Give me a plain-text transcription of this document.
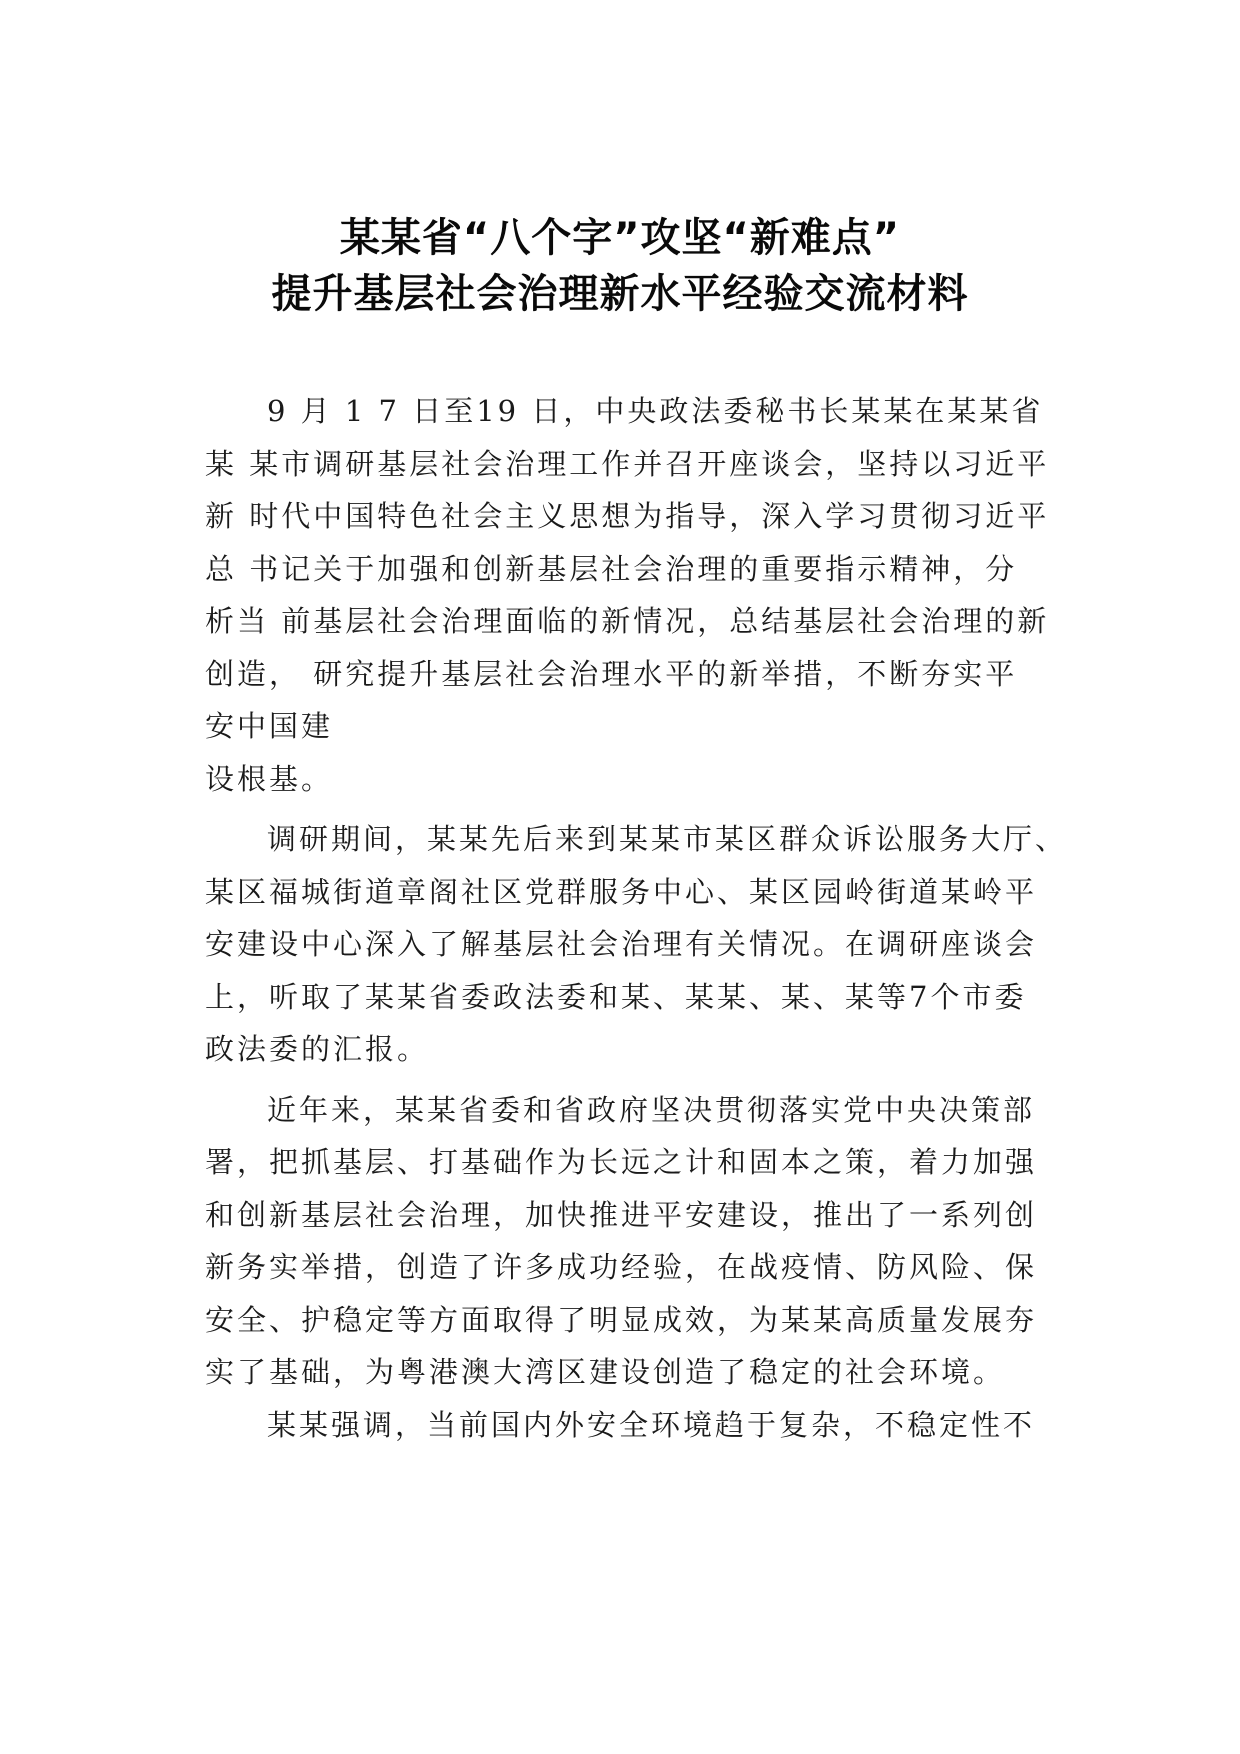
某某省“八个字”攻坚“新难点”
提升基层社会治理新水平经验交流材料
9 月 1 7 日至19 日，中央政法委秘书长某某在某某省
某 某市调研基层社会治理工作并召开座谈会，坚持以习近平
新 时代中国特色社会主义思想为指导，深入学习贯彻习近平
总 书记关于加强和创新基层社会治理的重要指示精神，分
析当 前基层社会治理面临的新情况，总结基层社会治理的新
创造， 研究提升基层社会治理水平的新举措，不断夯实平
安中国建
设根基。
调研期间，某某先后来到某某市某区群众诉讼服务大厅、
某区福城街道章阁社区党群服务中心、某区园岭街道某岭平
安建设中心深入了解基层社会治理有关情况。在调研座谈会
上，听取了某某省委政法委和某、某某、某、某等7个市委
政法委的汇报。
近年来，某某省委和省政府坚决贯彻落实党中央决策部
署，把抓基层、打基础作为长远之计和固本之策，着力加强
和创新基层社会治理，加快推进平安建设，推出了一系列创
新务实举措，创造了许多成功经验，在战疫情、防风险、保
安全、护稳定等方面取得了明显成效，为某某高质量发展夯
实了基础，为粤港澳大湾区建设创造了稳定的社会环境。
某某强调，当前国内外安全环境趋于复杂，不稳定性不
